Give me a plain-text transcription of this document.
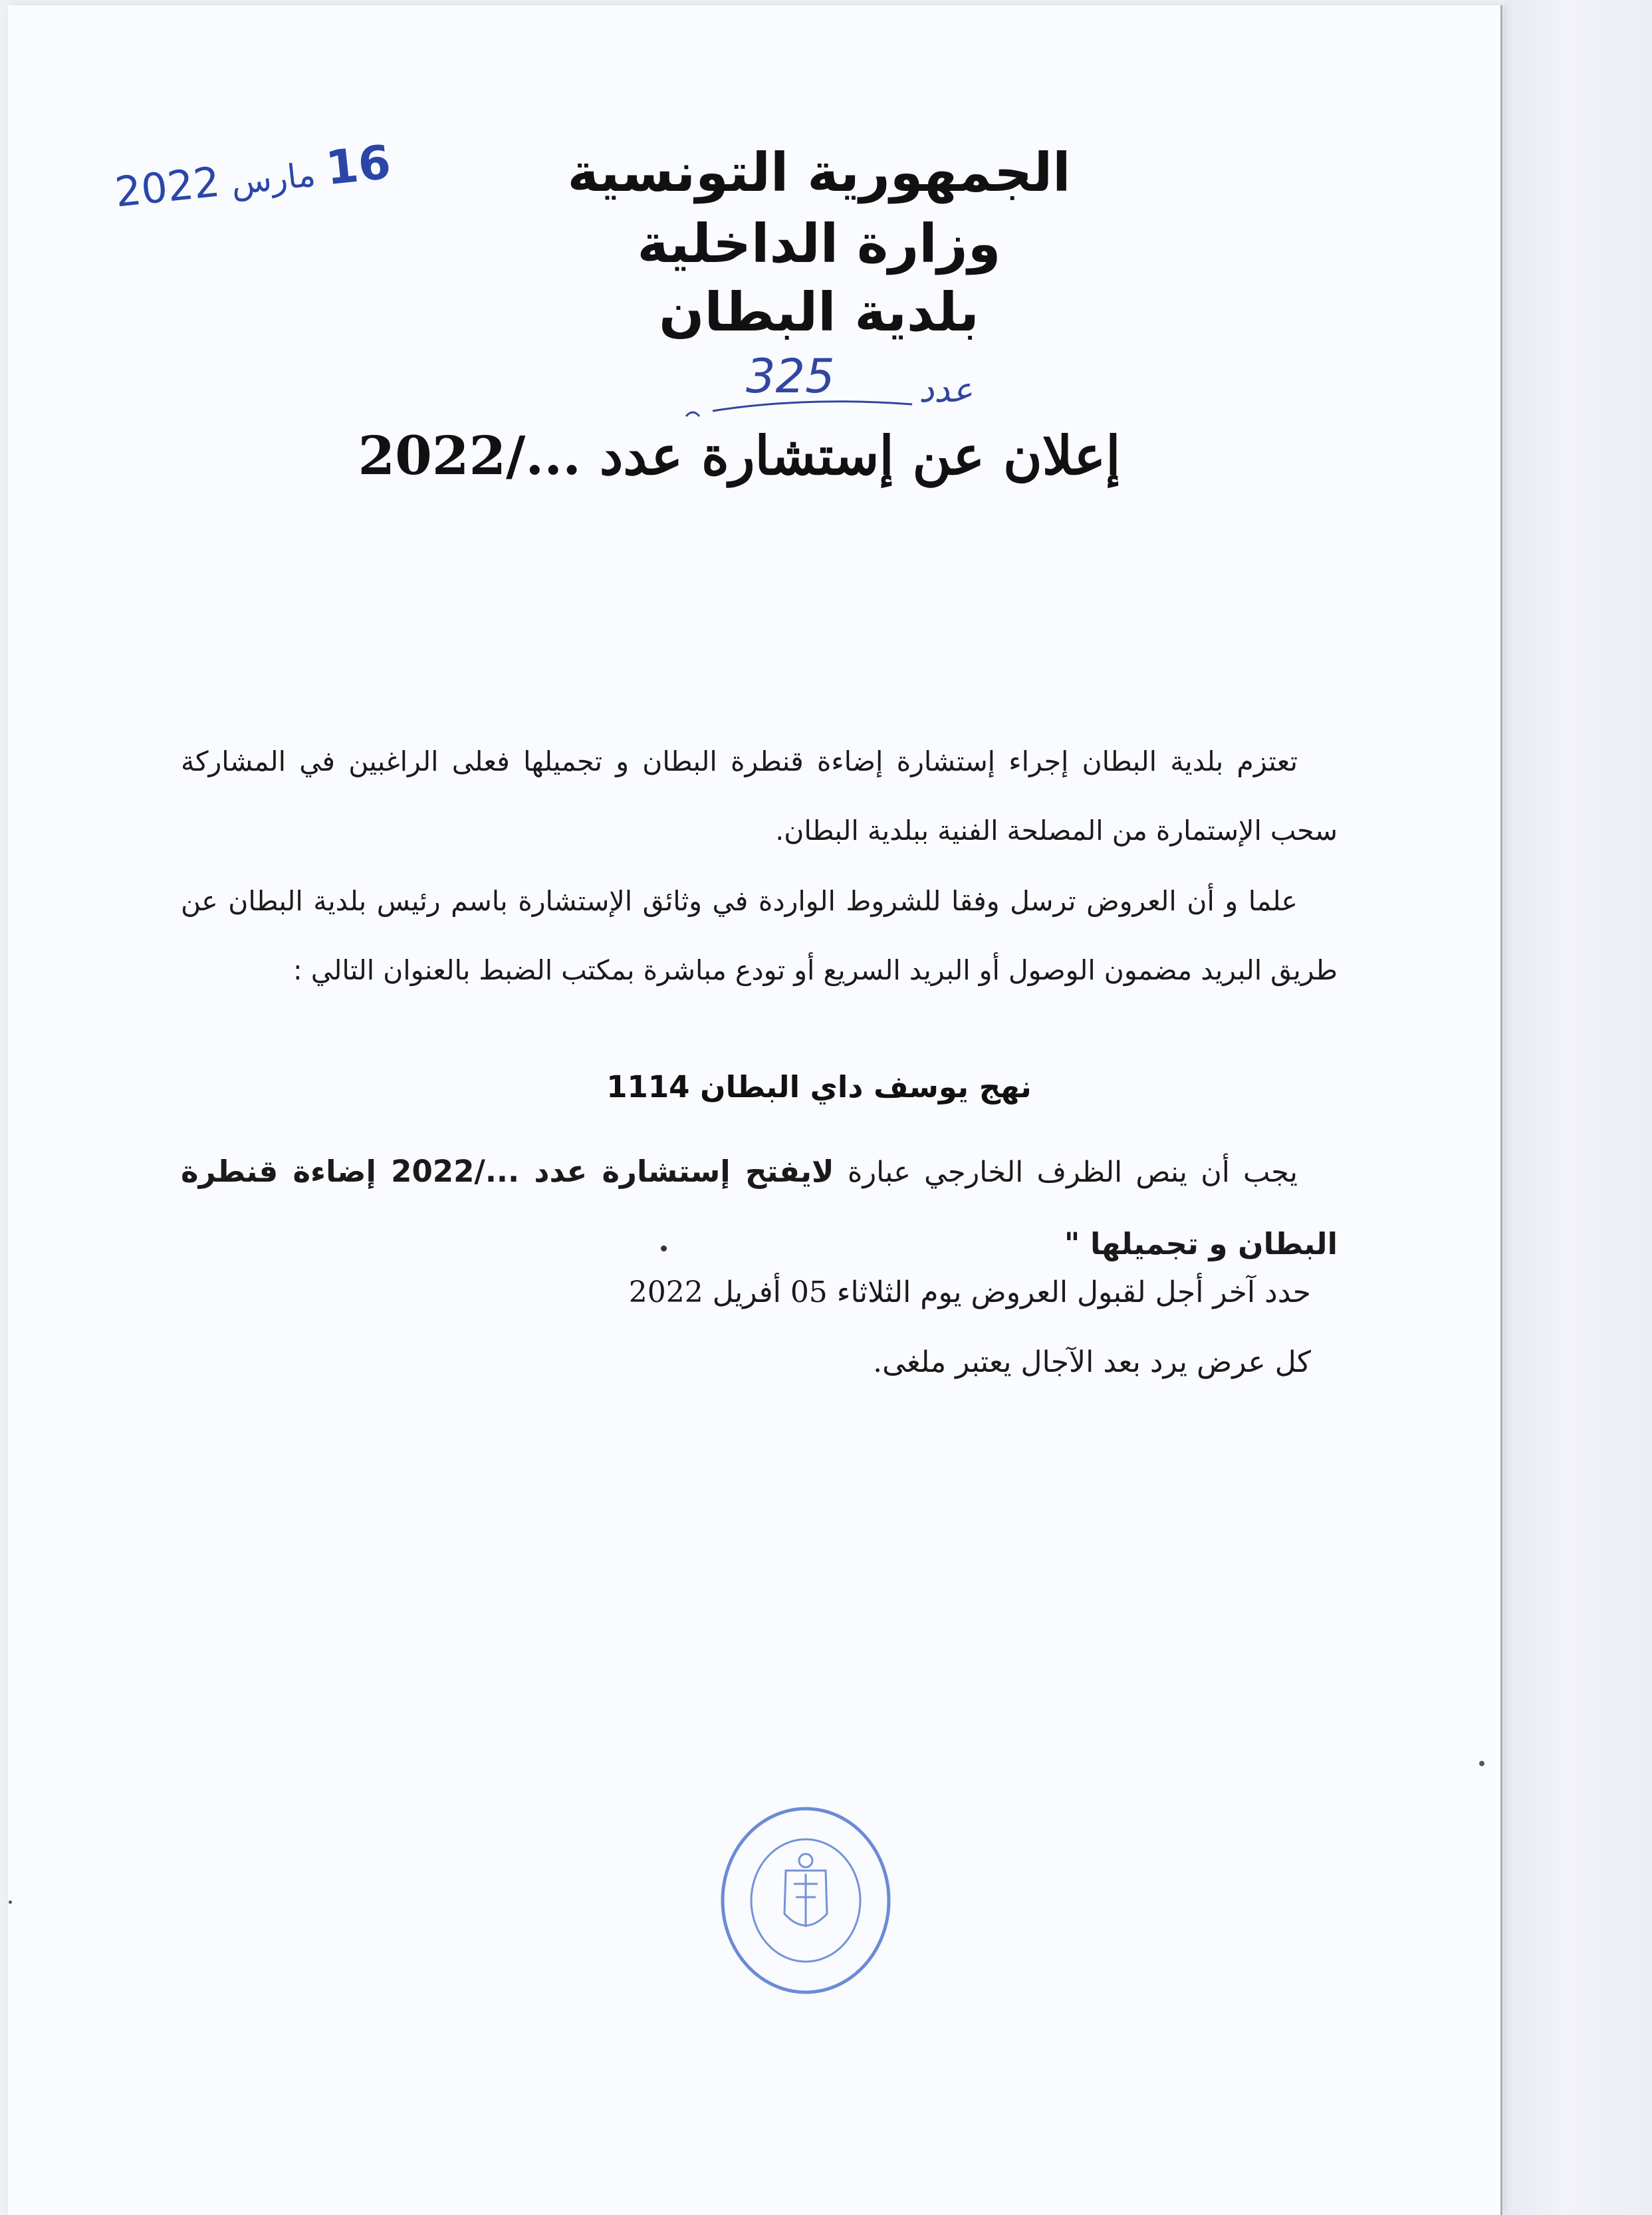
الجمهورية التونسية
وزارة الداخلية
بلدية البطان
16 مارس 2022
325 عدد
إعلان عن إستشارة عدد .../2022
تعتزم بلدية البطان إجراء إستشارة إضاءة قنطرة البطان و تجميلها فعلى الراغبين في المشاركة سحب الإستمارة من المصلحة الفنية ببلدية البطان.
علما و أن العروض ترسل وفقا للشروط الواردة في وثائق الإستشارة باسم رئيس بلدية البطان عن طريق البريد مضمون الوصول أو البريد السريع أو تودع مباشرة بمكتب الضبط بالعنوان التالي :
نهج يوسف داي البطان 1114
يجب أن ينص الظرف الخارجي عبارة لايفتح إستشارة عدد .../2022 إضاءة قنطرة البطان و تجميلها "
حدد آخر أجل لقبول العروض يوم الثلاثاء 05 أفريل 2022
كل عرض يرد بعد الآجال يعتبر ملغى.
